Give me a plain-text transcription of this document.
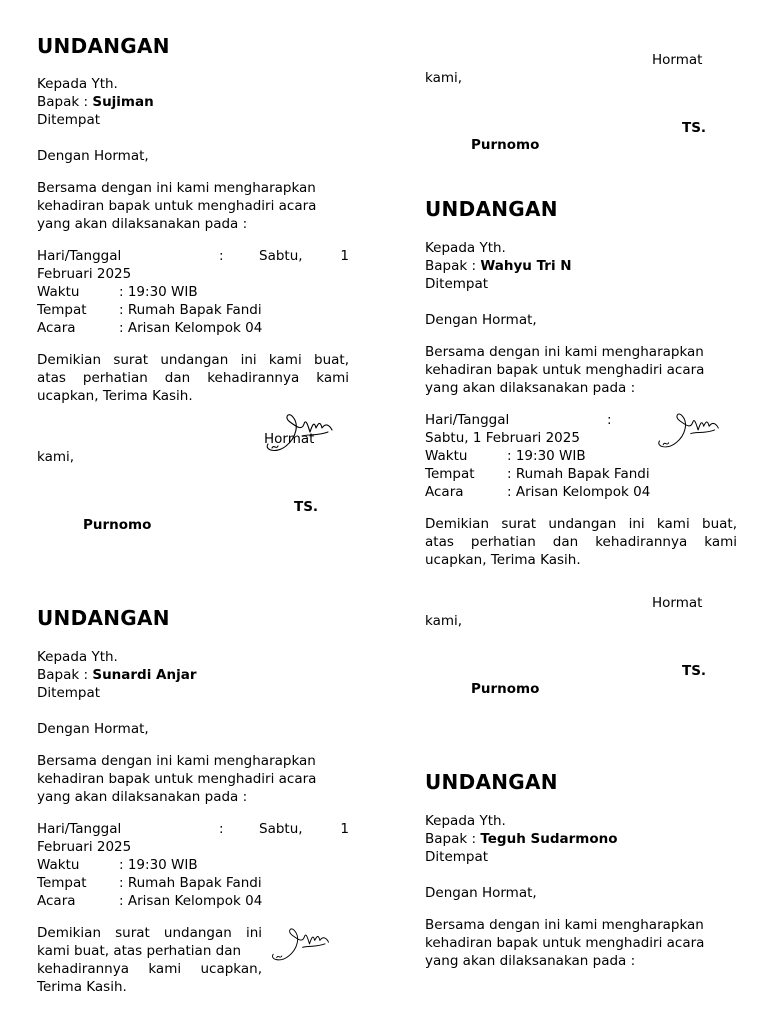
UNDANGAN

Kepada Yth.

Bapak : Sujiman

Ditempat

Dengan Hormat,

Bersama dengan ini kami mengharapkan
kehadiran bapak untuk menghadiri acara
yang akan dilaksanakan pada :
Hari/Tanggal	:	Sabtu,	1

Februari 2025

Waktu	: 19:30 WIB

Tempat : Rumah Bapak Fandi

Acara	: Arisan Kelompok 04

Demikian surat undangan ini kami buat,
atas perhatian dan kehadirannya kami
ucapkan, Terima Kasih.

Hormat

kami,

TS.

Purnomo

UNDANGAN

Kepada Yth.

Bapak : Sunardi Anjar

Ditempat

Dengan Hormat,

Bersama dengan ini kami mengharapkan
kehadiran bapak untuk menghadiri acara
yang akan dilaksanakan pada :
Hari/Tanggal	:	Sabtu,	1

Februari 2025

Waktu	: 19:30 WIB

Tempat : Rumah Bapak Fandi

Acara	: Arisan Kelompok 04

Demikian surat undangan ini
kami buat, atas perhatian dan
kehadirannya kami ucapkan,
Terima Kasih.

Hormat

kami,

TS.

Purnomo

UNDANGAN

Kepada Yth.

Bapak : Wahyu Tri N

Ditempat

Dengan Hormat,

Bersama dengan ini kami mengharapkan
kehadiran bapak untuk menghadiri acara
yang akan dilaksanakan pada :

Hari/Tanggal	:

Sabtu, 1 Februari 2025

Waktu	: 19:30 WIB

Tempat : Rumah Bapak Fandi

Acara	: Arisan Kelompok 04

Demikian surat undangan ini kami buat,
atas perhatian dan kehadirannya kami
ucapkan, Terima Kasih.

Hormat

kami,

TS.

Purnomo

UNDANGAN

Kepada Yth.

Bapak : Teguh Sudarmono

Ditempat

Dengan Hormat,

Bersama dengan ini kami mengharapkan
kehadiran bapak untuk menghadiri acara
yang akan dilaksanakan pada :
